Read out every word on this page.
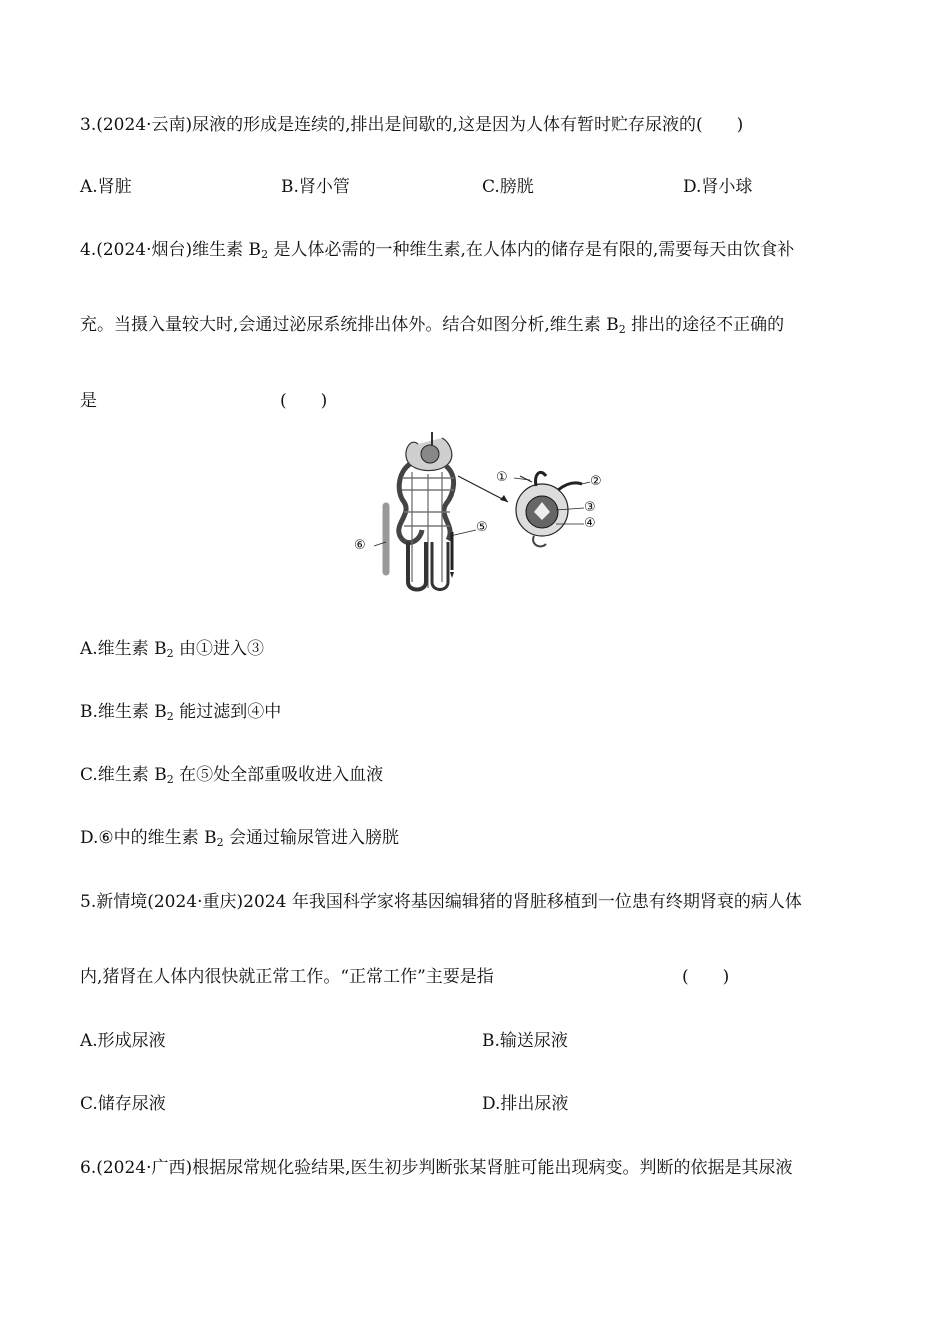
3.(2024·云南)尿液的形成是连续的,排出是间歇的,这是因为人体有暂时贮存尿液的(　　)
A.肾脏	B.肾小管	C.膀胱	D.肾小球
4.(2024·烟台)维生素 $B_2$ 是人体必需的一种维生素,在人体内的储存是有限的,需要每天由饮食补
充。当摄入量较大时,会通过泌尿系统排出体外。结合如图分析,维生素 $B_2$ 排出的途径不正确的
是	(　　)
①	②
③
④
⑤
⑥
A.维生素 $B_2$ 由①进入③
B.维生素 $B_2$ 能过滤到④中
C.维生素 $B_2$ 在⑤处全部重吸收进入血液
D.⑥中的维生素 $B_2$ 会通过输尿管进入膀胱
5.新情境(2024·重庆)2024 年我国科学家将基因编辑猪的肾脏移植到一位患有终期肾衰的病人体
内,猪肾在人体内很快就正常工作。“正常工作”主要是指	(　　)
A.形成尿液	B.输送尿液
C.储存尿液	D.排出尿液
6.(2024·广西)根据尿常规化验结果,医生初步判断张某肾脏可能出现病变。判断的依据是其尿液
